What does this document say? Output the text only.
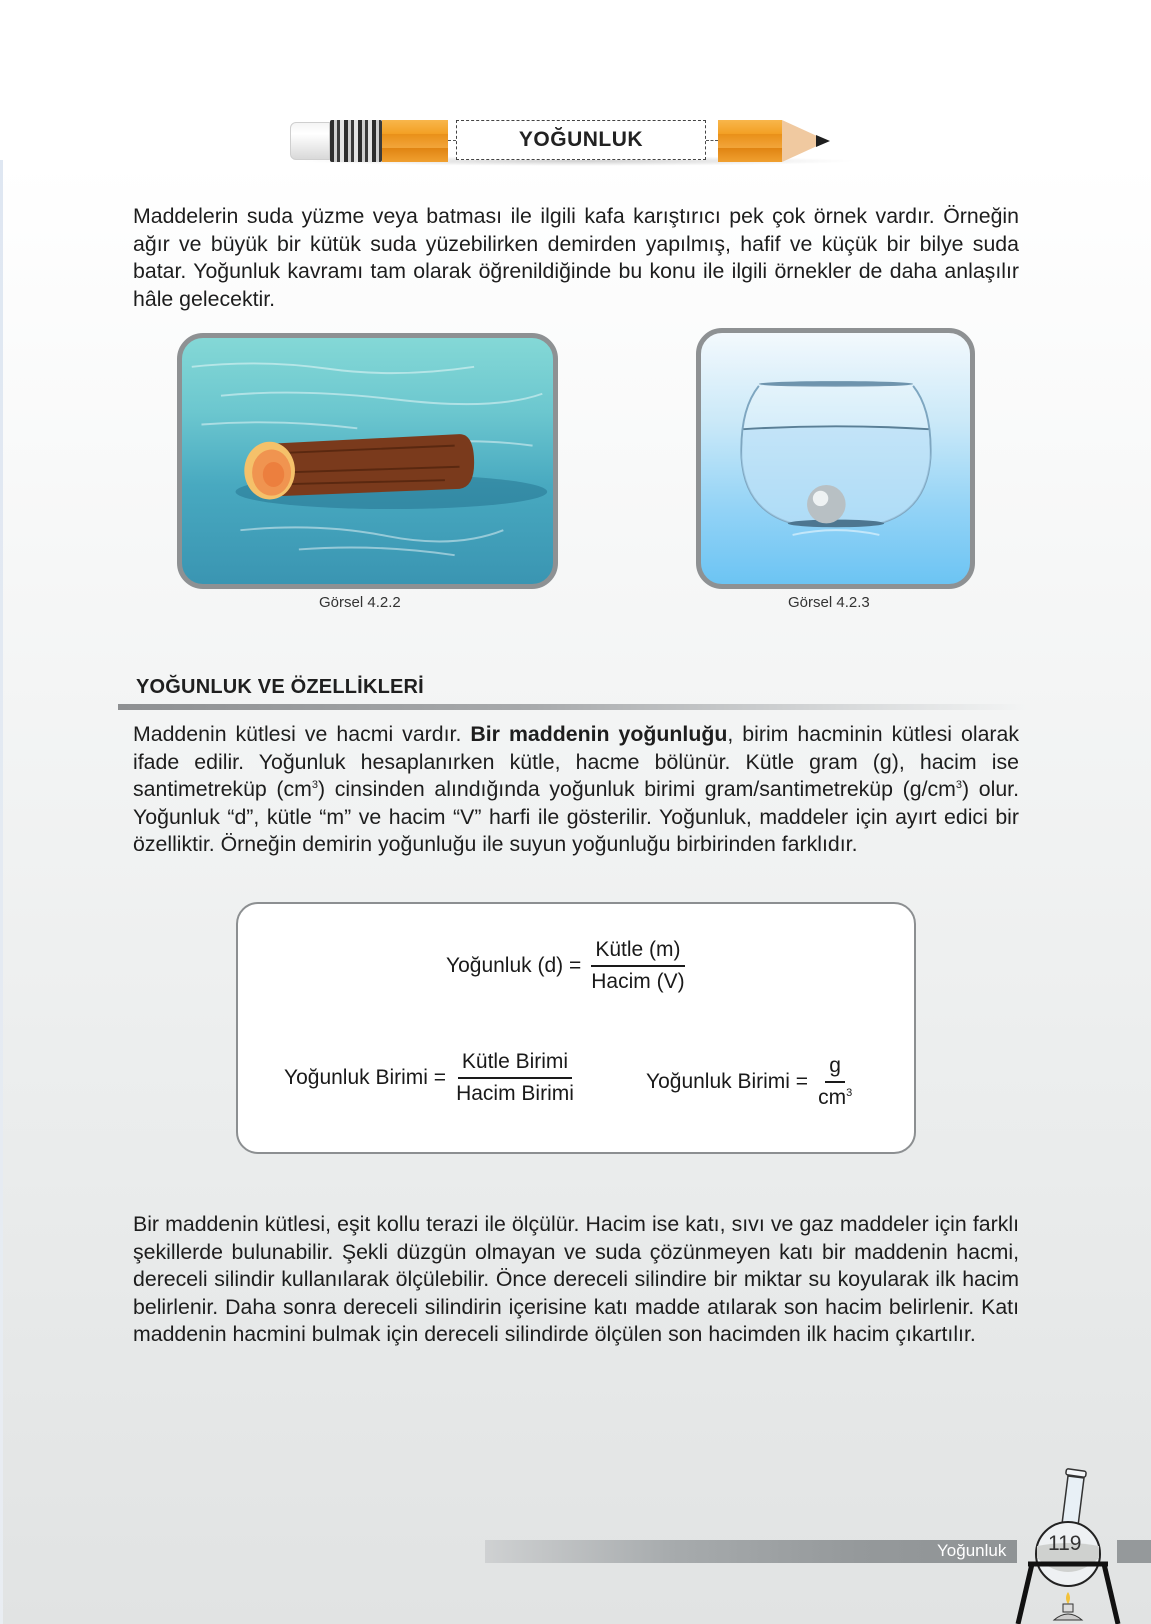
YOĞUNLUK

Maddelerin suda yüzme veya batması ile ilgili kafa karıştırıcı pek çok örnek vardır. Örneğin ağır ve büyük bir kütük suda yüzebilirken demirden yapılmış, hafif ve küçük bir bilye suda batar. Yoğunluk kavramı tam olarak öğrenildiğinde bu konu ile ilgili örnekler de daha anlaşılır hâle gelecektir.

Görsel 4.2.2	Görsel 4.2.3
YOĞUNLUK VE ÖZELLİKLERİ

Maddenin kütlesi ve hacmi vardır. Bir maddenin yoğunluğu, birim hacminin kütlesi olarak ifade edilir. Yoğunluk hesaplanırken kütle, hacme bölünür. Kütle gram (g), hacim ise santimetreküp $(cm^3)$ cinsinden alındığında yoğunluk birimi gram/santimetreküp $(g/cm^3)$ olur. Yoğunluk “d”, kütle “m” ve hacim “V” harfi ile gösterilir. Yoğunluk, maddeler için ayırt edici bir özelliktir. Örneğin demirin yoğunluğu ile suyun yoğunluğu birbirinden farklıdır.

Yoğunluk $(d) = \frac{\text{Kütle (m)}}{\text{Hacim (V)}}$
Yoğunluk Birimi = $\frac{\text{Kütle Birimi}}{\text{Hacim Birimi}}$	Yoğunluk Birimi = $\frac{g}{cm^3}$

Bir maddenin kütlesi, eşit kollu terazi ile ölçülür. Hacim ise katı, sıvı ve gaz maddeler için farklı şekillerde bulunabilir. Şekli düzgün olmayan ve suda çözünmeyen katı bir maddenin hacmi, dereceli silindir kullanılarak ölçülebilir. Önce dereceli silindire bir miktar su koyularak ilk hacim belirlenir. Daha sonra dereceli silindirin içerisine katı madde atılarak son hacim belirlenir. Katı maddenin hacmini bulmak için dereceli silindirde ölçülen son hacimden ilk hacim çıkartılır.

Yoğunluk 119
